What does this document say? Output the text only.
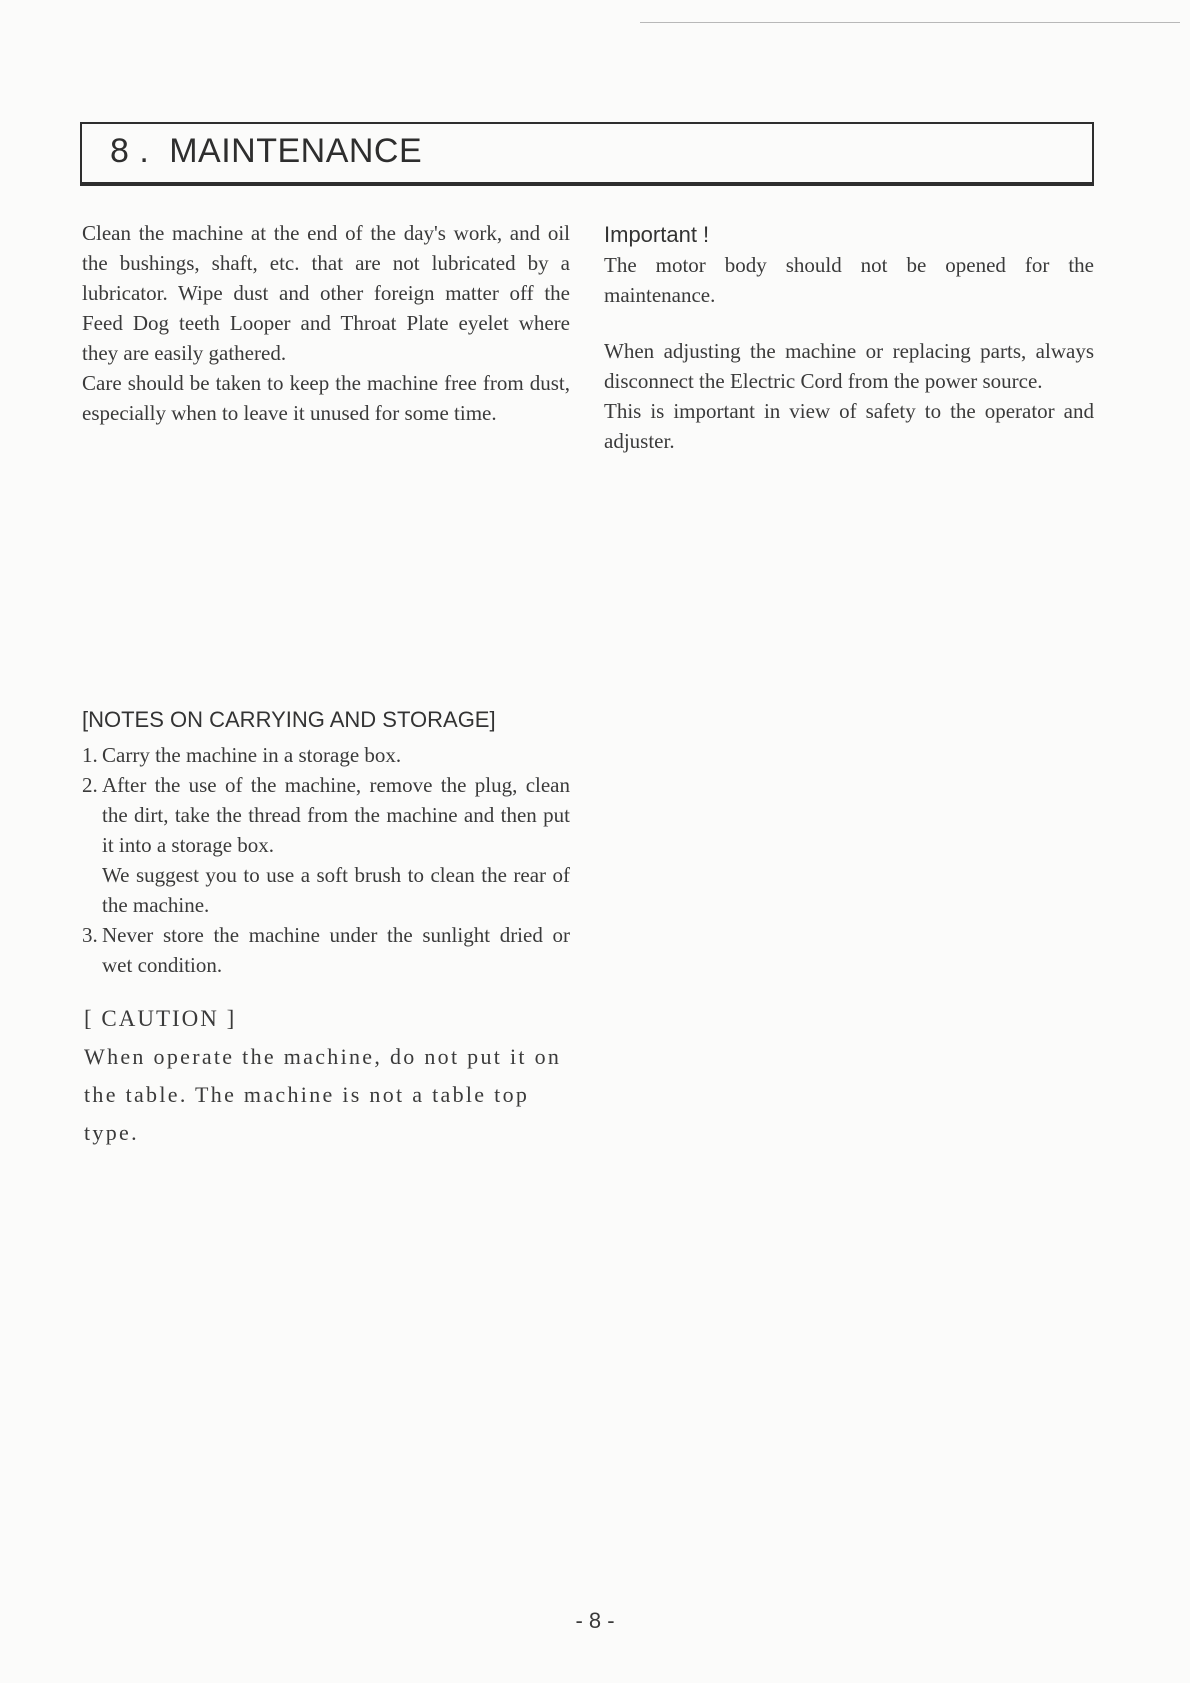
8 .  MAINTENANCE

Clean the machine at the end of the day's work, and oil the bushings, shaft, etc. that are not lubricated by a lubricator. Wipe dust and other foreign matter off the Feed Dog teeth Looper and Throat Plate eyelet where they are easily gathered.

Care should be taken to keep the machine free from dust, especially when to leave it unused for some time.

Important !

The motor body should not be opened for the maintenance.

When adjusting the machine or replacing parts, always disconnect the Electric Cord from the power source.

This is important in view of safety to the operator and adjuster.

[NOTES ON CARRYING AND STORAGE]

1. Carry the machine in a storage box.
2. After the use of the machine, remove the plug, clean the dirt, take the thread from the machine and then put it into a storage box.
We suggest you to use a soft brush to clean the rear of the machine.
3. Never store the machine under the sunlight dried or wet condition.

[ CAUTION ]

When operate the machine, do not put it on the table. The machine is not a table top type.

- 8 -
